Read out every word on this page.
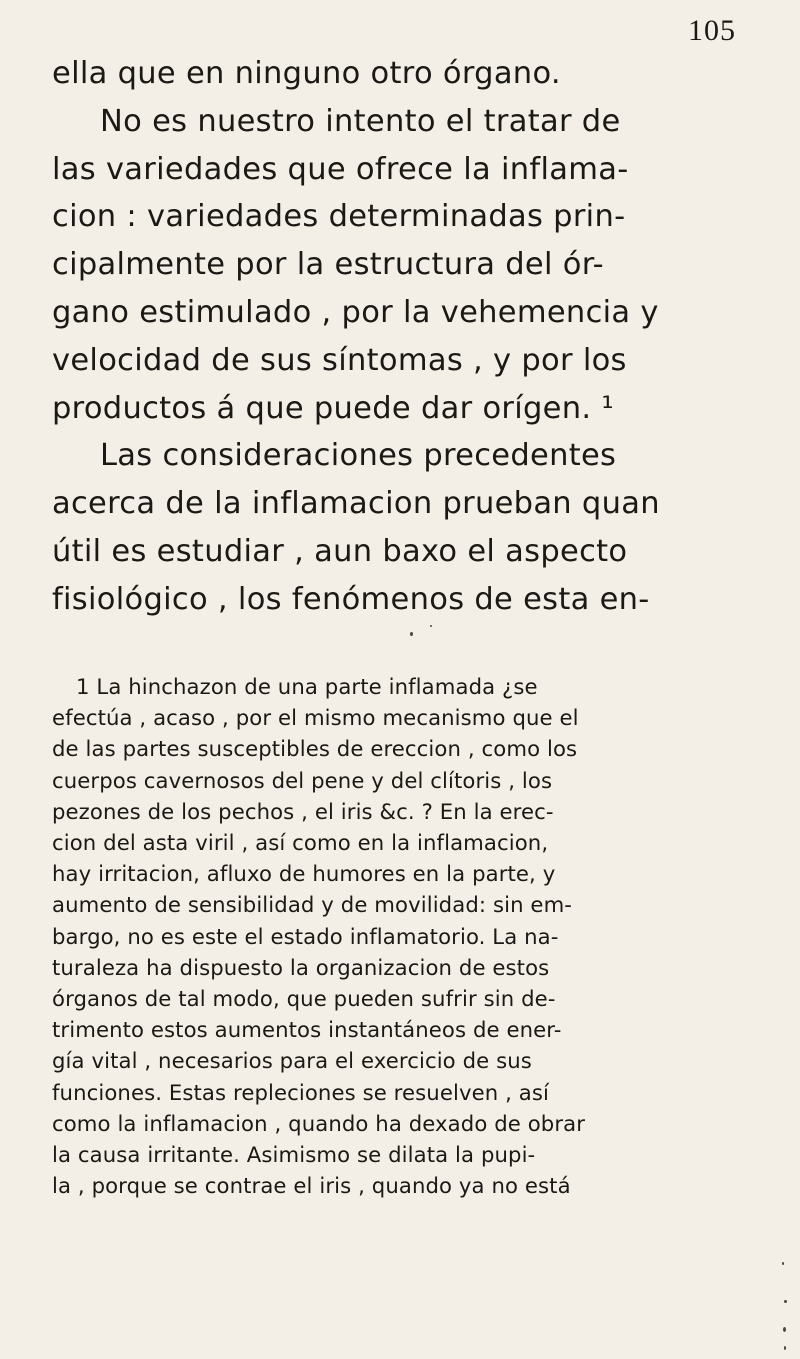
105
ella que en ninguno otro órgano.
No es nuestro intento el tratar de
las variedades que ofrece la inflama-
cion : variedades determinadas prin-
cipalmente por la estructura del ór-
gano estimulado , por la vehemencia y
velocidad de sus síntomas , y por los
productos á que puede dar orígen. ¹
Las consideraciones precedentes
acerca de la inflamacion prueban quan
útil es estudiar , aun baxo el aspecto
fisiológico , los fenómenos de esta en-
1 La hinchazon de una parte inflamada ¿se
efectúa , acaso , por el mismo mecanismo que el
de las partes susceptibles de ereccion , como los
cuerpos cavernosos del pene y del clítoris , los
pezones de los pechos , el iris &c. ? En la erec-
cion del asta viril , así como en la inflamacion,
hay irritacion, afluxo de humores en la parte, y
aumento de sensibilidad y de movilidad: sin em-
bargo, no es este el estado inflamatorio. La na-
turaleza ha dispuesto la organizacion de estos
órganos de tal modo, que pueden sufrir sin de-
trimento estos aumentos instantáneos de ener-
gía vital , necesarios para el exercicio de sus
funciones. Estas repleciones se resuelven , así
como la inflamacion , quando ha dexado de obrar
la causa irritante. Asimismo se dilata la pupi-
la , porque se contrae el iris , quando ya no está
